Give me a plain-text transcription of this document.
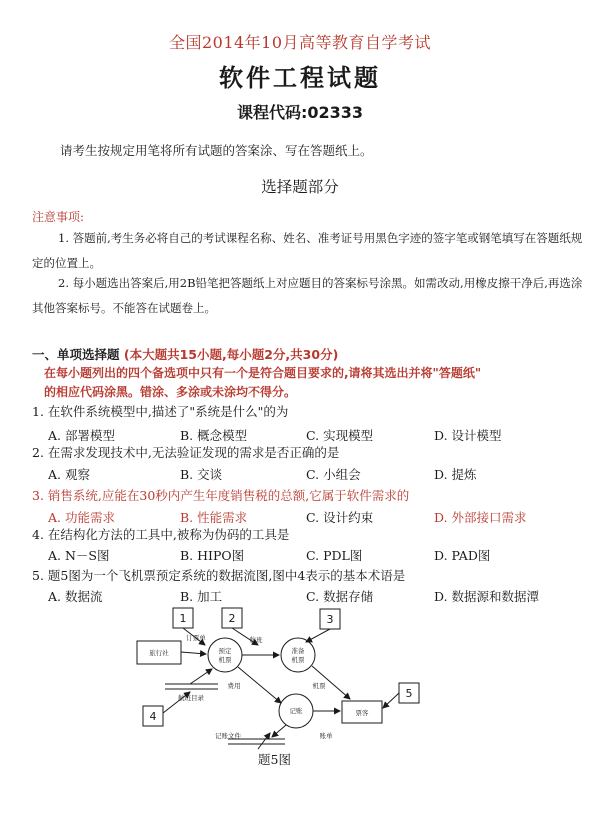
全国2014年10月高等教育自学考试
软件工程试题
课程代码:02333
请考生按规定用笔将所有试题的答案涂、写在答题纸上。
选择题部分
注意事项:
1. 答题前,考生务必将自己的考试课程名称、姓名、准考证号用黑色字迹的签字笔或钢笔填写在答题纸规定的位置上。
2. 每小题选出答案后,用2B铅笔把答题纸上对应题目的答案标号涂黑。如需改动,用橡皮擦干净后,再选涂其他答案标号。不能答在试题卷上。
一、单项选择题 (本大题共15小题,每小题2分,共30分)
在每小题列出的四个备选项中只有一个是符合题目要求的,请将其选出并将"答题纸"
的相应代码涂黑。错涂、多涂或未涂均不得分。
1. 在软件系统模型中,描述了"系统是什么"的为
A. 部署模型	B. 概念模型	C. 实现模型	D. 设计模型
2. 在需求发现技术中,无法验证发现的需求是否正确的是
A. 观察	B. 交谈	C. 小组会	D. 提炼
3. 销售系统,应能在30秒内产生年度销售税的总额,它属于软件需求的
A. 功能需求	B. 性能需求	C. 设计约束	D. 外部接口需求
4. 在结构化方法的工具中,被称为伪码的工具是
A. N－S图	B. HIPO图	C. PDL图	D. PAD图
5. 题5图为一个飞机票预定系统的数据流图,图中4表示的基本术语是
A. 数据流	B. 加工	C. 数据存储	D. 数据源和数据潭
1	2	3
4
5
旅行社
票客
预定
机票
准备
机票
记账
航班目录
记账文件
订票单	航班
费用	机票
账单
题5图
